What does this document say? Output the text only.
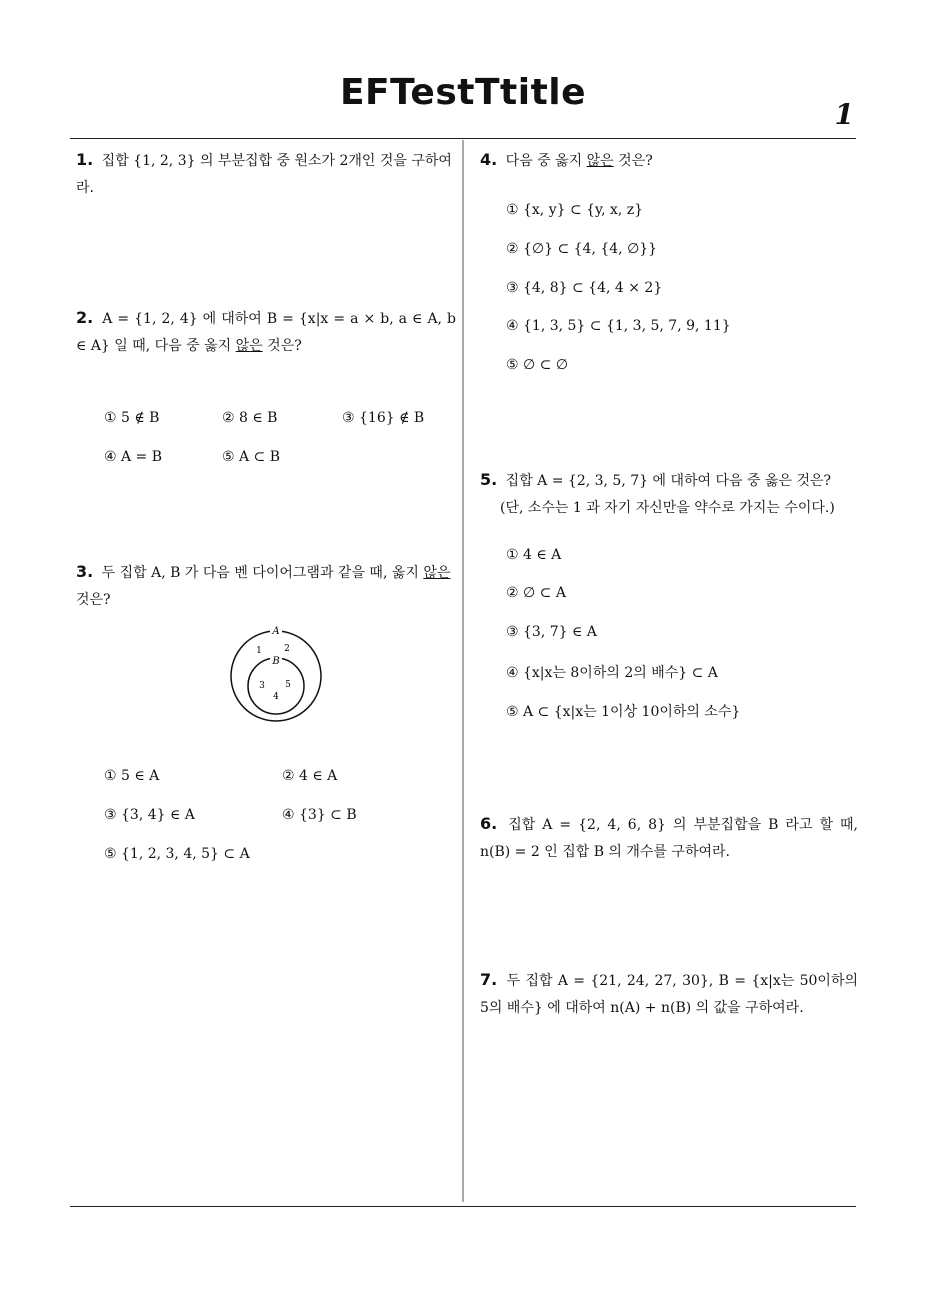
EFTestTtitle
1
1. 집합 {1, 2, 3} 의 부분집합 중 원소가 2개인 것을 구하여라.
2. A = {1, 2, 4} 에 대하여 B = {x|x = a × b, a ∈ A, b ∈ A} 일 때, 다음 중 옳지 않은 것은?
① 5 ∉ B	② 8 ∈ B	③ {16} ∉ B
④ A = B	⑤ A ⊂ B
3. 두 집합 A, B 가 다음 벤 다이어그램과 같을 때, 옳지 않은 것은?
A
B
1 2
3 5
4
① 5 ∈ A	② 4 ∈ A
③ {3, 4} ∈ A	④ {3} ⊂ B
⑤ {1, 2, 3, 4, 5} ⊂ A
4. 다음 중 옳지 않은 것은?
① {x, y} ⊂ {y, x, z}
② {∅} ⊂ {4, {4, ∅}}
③ {4, 8} ⊂ {4, 4 × 2}
④ {1, 3, 5} ⊂ {1, 3, 5, 7, 9, 11}
⑤ ∅ ⊂ ∅
5. 집합 A = {2, 3, 5, 7} 에 대하여 다음 중 옳은 것은?
(단, 소수는 1 과 자기 자신만을 약수로 가지는 수이다.)
① 4 ∈ A
② ∅ ⊂ A
③ {3, 7} ∈ A
④ {x|x는 8이하의 2의 배수} ⊂ A
⑤ A ⊂ {x|x는 1이상 10이하의 소수}
6. 집합 A = {2, 4, 6, 8} 의 부분집합을 B 라고 할 때, n(B) = 2 인 집합 B 의 개수를 구하여라.
7. 두 집합 A = {21, 24, 27, 30}, B = {x|x는 50이하의 5의 배수} 에 대하여 n(A) + n(B) 의 값을 구하여라.
